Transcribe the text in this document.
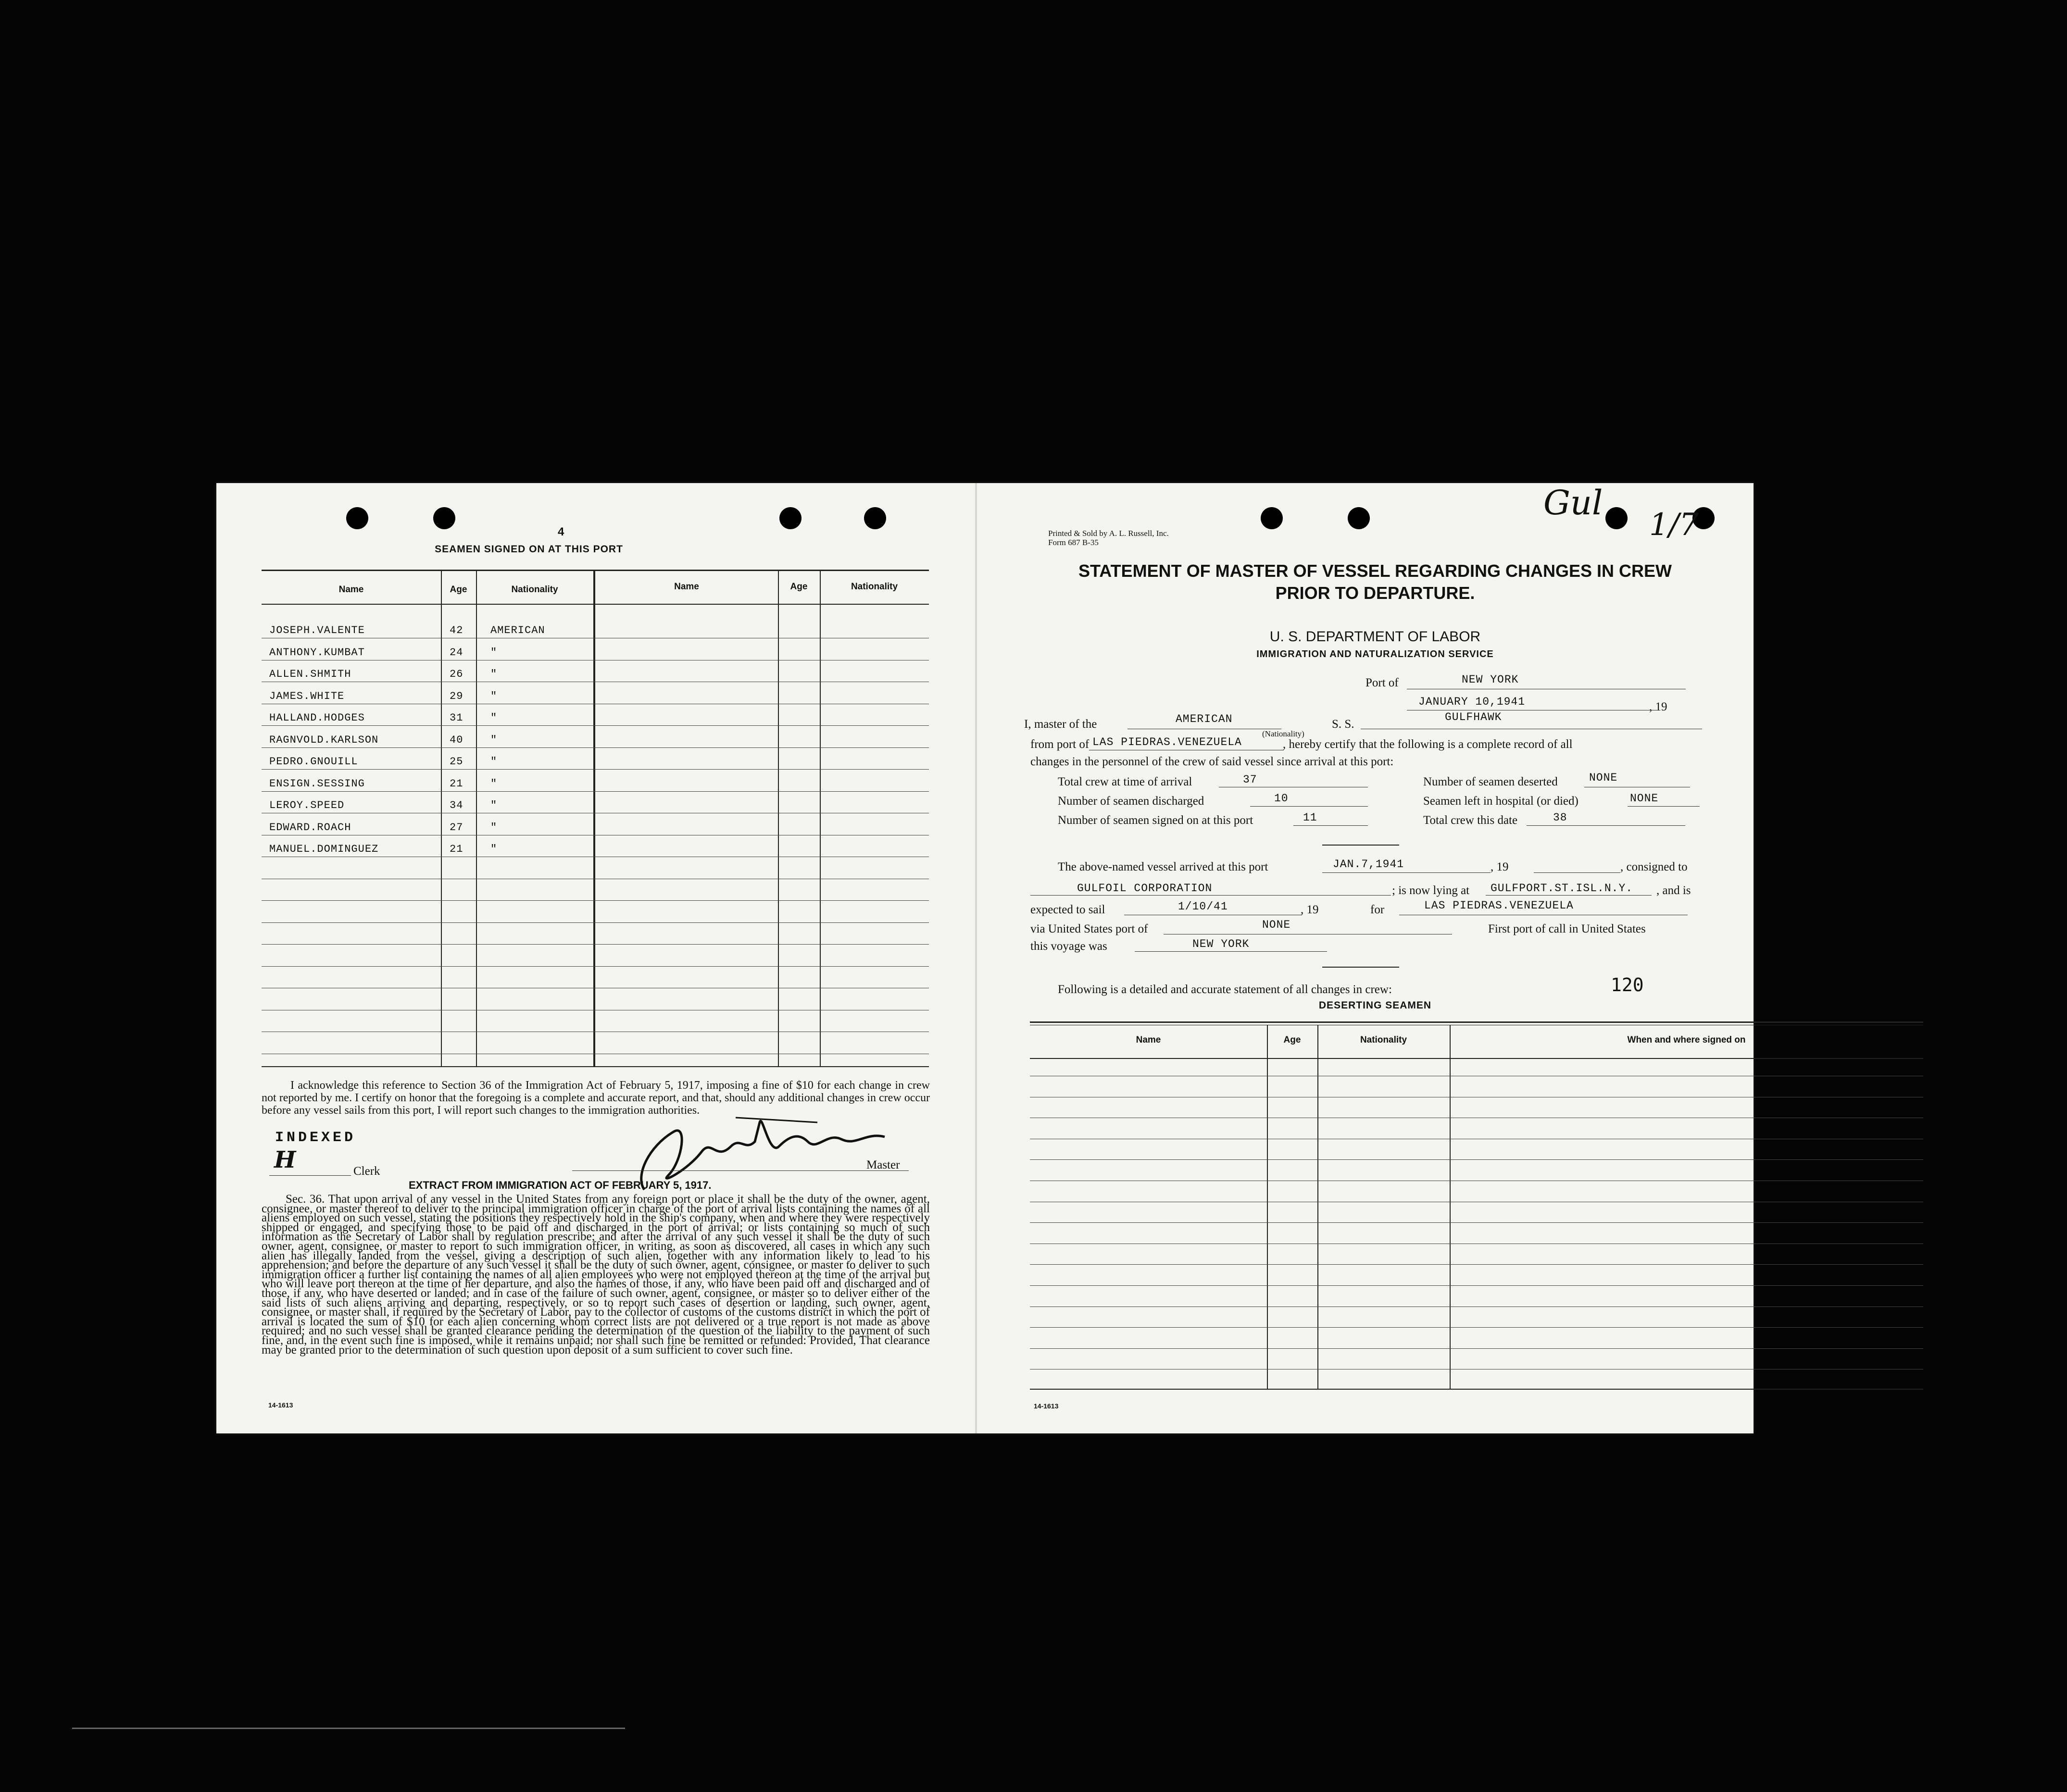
4
SEAMEN SIGNED ON AT THIS PORT
Name	Age	Nationality	Name	Age	Nationality
JOSEPH.VALENTE	42	AMERICAN
ANTHONY.KUMBAT	24	"
ALLEN.SHMITH	26	"
JAMES.WHITE	29	"
HALLAND.HODGES	31	"
RAGNVOLD.KARLSON	40	"
PEDRO.GNOUILL	25	"
ENSIGN.SESSING	21	"
LEROY.SPEED	34	"
EDWARD.ROACH	27	"
MANUEL.DOMINGUEZ	21	"
I acknowledge this reference to Section 36 of the Immigration Act of February 5, 1917, imposing a fine of $10 for each change in crew not reported by me. I certify on honor that the foregoing is a complete and accurate report, and that, should any additional changes in crew occur before any vessel sails from this port, I will report such changes to the immigration authorities.
INDEXED
H	Clerk	Master
EXTRACT FROM IMMIGRATION ACT OF FEBRUARY 5, 1917.
Sec. 36. That upon arrival of any vessel in the United States from any foreign port or place it shall be the duty of the owner, agent, consignee, or master thereof to deliver to the principal immigration officer in charge of the port of arrival lists containing the names of all aliens employed on such vessel, stating the positions they respectively hold in the ship's company, when and where they were respectively shipped or engaged, and specifying those to be paid off and discharged in the port of arrival; or lists containing so much of such information as the Secretary of Labor shall by regulation prescribe; and after the arrival of any such vessel it shall be the duty of such owner, agent, consignee, or master to report to such immigration officer, in writing, as soon as discovered, all cases in which any such alien has illegally landed from the vessel, giving a description of such alien, together with any information likely to lead to his apprehension; and before the departure of any such vessel it shall be the duty of such owner, agent, consignee, or master to deliver to such immigration officer a further list containing the names of all alien employees who were not employed thereon at the time of the arrival but who will leave port thereon at the time of her departure, and also the names of those, if any, who have been paid off and discharged and of those, if any, who have deserted or landed; and in case of the failure of such owner, agent, consignee, or master so to deliver either of the said lists of such aliens arriving and departing, respectively, or so to report such cases of desertion or landing, such owner, agent, consignee, or master shall, if required by the Secretary of Labor, pay to the collector of customs of the customs district in which the port of arrival is located the sum of $10 for each alien concerning whom correct lists are not delivered or a true report is not made as above required; and no such vessel shall be granted clearance pending the determination of the question of the liability to the payment of such fine, and, in the event such fine is imposed, while it remains unpaid; nor shall such fine be remitted or refunded: Provided, That clearance may be granted prior to the determination of such question upon deposit of a sum sufficient to cover such fine.
14-1613
Printed & Sold by A. L. Russell, Inc.
Form 687 B-35
Gul
1/7
STATEMENT OF MASTER OF VESSEL REGARDING CHANGES IN CREW
PRIOR TO DEPARTURE.
U. S. DEPARTMENT OF LABOR
IMMIGRATION AND NATURALIZATION SERVICE
Port of	NEW YORK
JANUARY 10,1941	, 19
I, master of the	AMERICAN
(Nationality)
S. S.
GULFHAWK
from port of LAS PIEDRAS.VENEZUELA	, hereby certify that the following is a complete record of all
changes in the personnel of the crew of said vessel since arrival at this port:
Total crew at time of arrival	37	Number of seamen deserted	NONE
Number of seamen discharged	10	Seamen left in hospital (or died)	NONE
Number of seamen signed on at this port	11	Total crew this date	38
The above-named vessel arrived at this port	JAN.7,1941	, 19	, consigned to
GULFOIL CORPORATION	; is now lying at GULFPORT.ST.ISL.N.Y. , and is
expected to sail	1/10/41	, 19	for	LAS PIEDRAS.VENEZUELA
via United States port of	NONE	First port of call in United States
this voyage was	NEW YORK
Following is a detailed and accurate statement of all changes in crew:	120
DESERTING SEAMEN
Name	Age	Nationality	When and where signed on
14-1613
